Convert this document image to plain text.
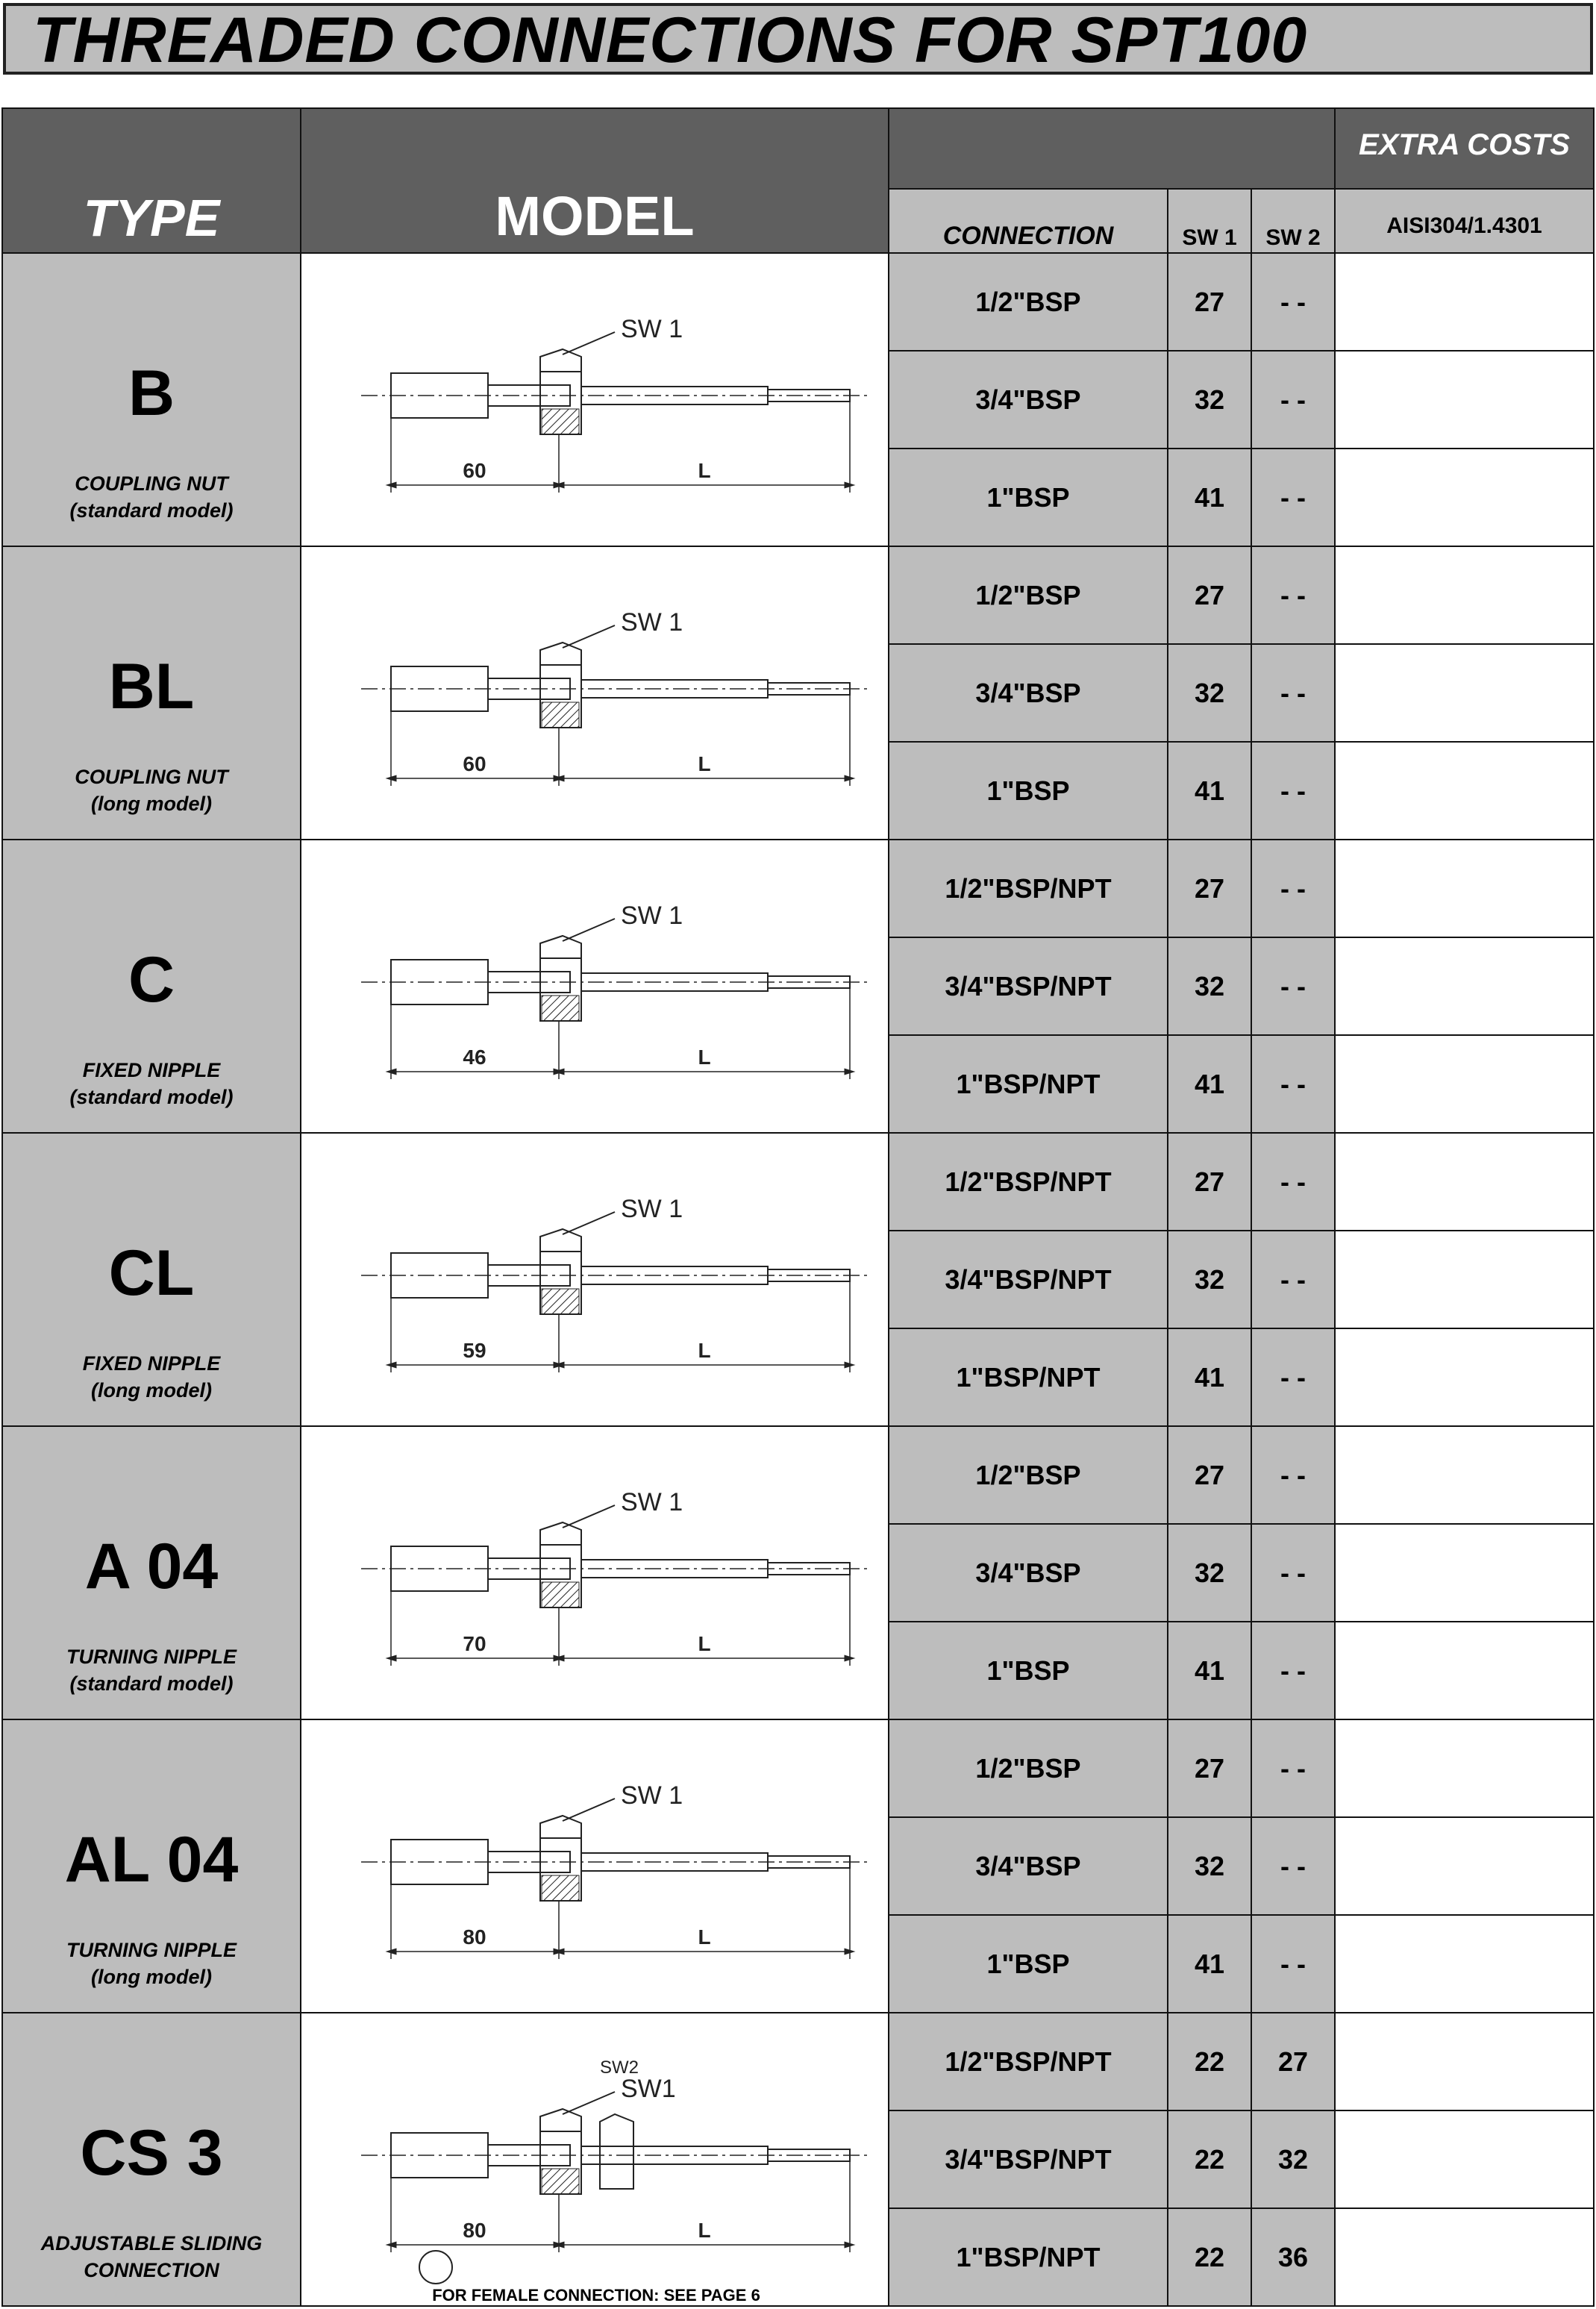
THREADED CONNECTIONS FOR SPT100
TYPE	MODEL
EXTRA COSTS
CONNECTION	SW 1	SW 2	AISI304/1.4301
B
COUPLING NUT
(standard model)
SW 1
60	L
1/2"BSP	27	- -
3/4"BSP	32	- -
1"BSP	41	- -
BL
COUPLING NUT
(long model)
SW 1
60	L
1/2"BSP	27	- -
3/4"BSP	32	- -
1"BSP	41	- -
C
FIXED NIPPLE
(standard model)
SW 1
46	L
1/2"BSP/NPT	27	- -
3/4"BSP/NPT	32	- -
1"BSP/NPT	41	- -
CL
FIXED NIPPLE
(long model)
SW 1
59	L
1/2"BSP/NPT	27	- -
3/4"BSP/NPT	32	- -
1"BSP/NPT	41	- -
A 04
TURNING NIPPLE
(standard model)
SW 1
70	L
1/2"BSP	27	- -
3/4"BSP	32	- -
1"BSP	41	- -
AL 04
TURNING NIPPLE
(long model)
SW 1
80	L
1/2"BSP	27	- -
3/4"BSP	32	- -
1"BSP	41	- -
CS 3
ADJUSTABLE SLIDING
CONNECTION
SW1
80	L
SW2
FOR FEMALE CONNECTION: SEE PAGE 6
1/2"BSP/NPT	22	27
3/4"BSP/NPT	22	32
1"BSP/NPT	22	36
